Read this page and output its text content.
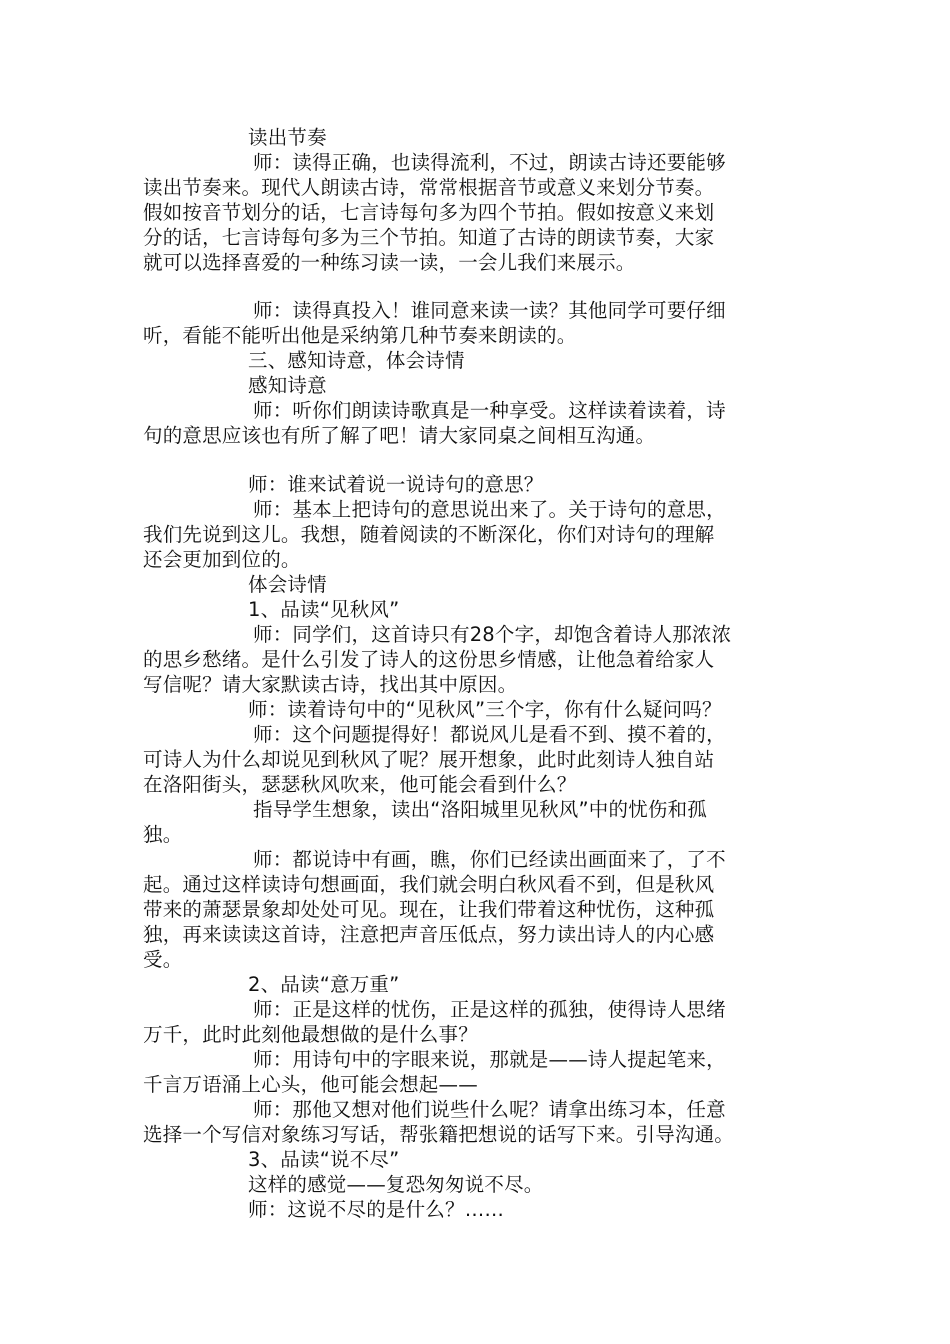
读出节奏
师：读得正确，也读得流利，不过，朗读古诗还要能够
读出节奏来。现代人朗读古诗，常常根据音节或意义来划分节奏。
假如按音节划分的话，七言诗每句多为四个节拍。假如按意义来划
分的话，七言诗每句多为三个节拍。知道了古诗的朗读节奏，大家
就可以选择喜爱的一种练习读一读，一会儿我们来展示。
师：读得真投入！谁同意来读一读？其他同学可要仔细
听，看能不能听出他是采纳第几种节奏来朗读的。
三、感知诗意，体会诗情
感知诗意
师：听你们朗读诗歌真是一种享受。这样读着读着，诗
句的意思应该也有所了解了吧！请大家同桌之间相互沟通。
师：谁来试着说一说诗句的意思？
师：基本上把诗句的意思说出来了。关于诗句的意思，
我们先说到这儿。我想，随着阅读的不断深化，你们对诗句的理解
还会更加到位的。
体会诗情
1、品读“见秋风”
师：同学们，这首诗只有28个字，却饱含着诗人那浓浓
的思乡愁绪。是什么引发了诗人的这份思乡情感，让他急着给家人
写信呢？请大家默读古诗，找出其中原因。
师：读着诗句中的“见秋风”三个字，你有什么疑问吗？
师：这个问题提得好！都说风儿是看不到、摸不着的，
可诗人为什么却说见到秋风了呢？展开想象，此时此刻诗人独自站
在洛阳街头，瑟瑟秋风吹来，他可能会看到什么？
指导学生想象，读出“洛阳城里见秋风”中的忧伤和孤
独。
师：都说诗中有画，瞧，你们已经读出画面来了，了不
起。通过这样读诗句想画面，我们就会明白秋风看不到，但是秋风
带来的萧瑟景象却处处可见。现在，让我们带着这种忧伤，这种孤
独，再来读读这首诗，注意把声音压低点，努力读出诗人的内心感
受。
2、品读“意万重”
师：正是这样的忧伤，正是这样的孤独，使得诗人思绪
万千，此时此刻他最想做的是什么事？
师：用诗句中的字眼来说，那就是——诗人提起笔来，
千言万语涌上心头，他可能会想起——
师：那他又想对他们说些什么呢？请拿出练习本，任意
选择一个写信对象练习写话，帮张籍把想说的话写下来。引导沟通。
3、品读“说不尽”
这样的感觉——复恐匆匆说不尽。
师：这说不尽的是什么？……
